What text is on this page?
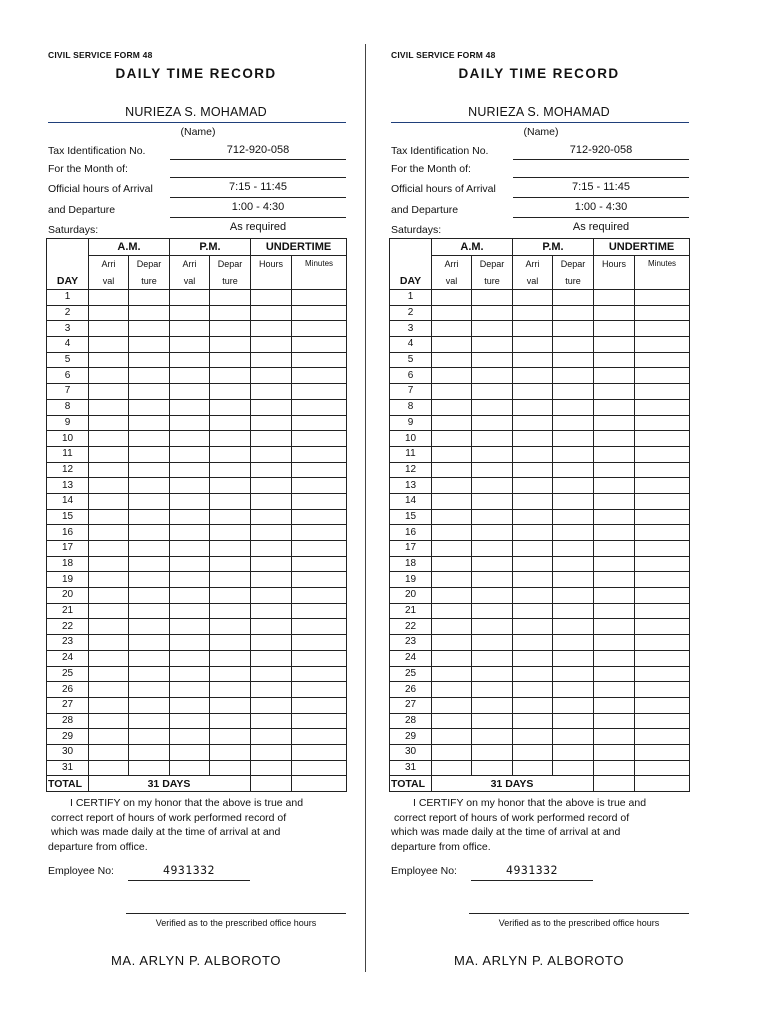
CIVIL SERVICE FORM 48
DAILY TIME RECORD
NURIEZA S. MOHAMAD
(Name)
Tax Identification No.	712-920-058
For the Month of:
Official hours of Arrival	7:15 - 11:45
and Departure	1:00 - 4:30
Saturdays:	As required
	A.M.		P.M.		UNDERTIME	
	Arri	Depar	Arri	Depar	Hours	Minutes
DAY	val	ture	val	ture		
1						
2						
3						
4						
5						
6						
7						
8						
9						
10						
11						
12						
13						
14						
15						
16						
17						
18						
19						
20						
21						
22						
23						
24						
25						
26						
27						
28						
29						
30						
31						
TOTAL		31 DAYS				
I CERTIFY on my honor that the above is true and
correct report of hours of work performed record of
which was made daily at the time of arrival at and
departure from office.
Employee No:	4931332
Verified as to the prescribed office hours
MA. ARLYN P. ALBOROTO
CIVIL SERVICE FORM 48
DAILY TIME RECORD
NURIEZA S. MOHAMAD
(Name)
Tax Identification No.	712-920-058
For the Month of:
Official hours of Arrival	7:15 - 11:45
and Departure	1:00 - 4:30
Saturdays:	As required
	A.M.		P.M.		UNDERTIME	
	Arri	Depar	Arri	Depar	Hours	Minutes
DAY	val	ture	val	ture		
1						
2						
3						
4						
5						
6						
7						
8						
9						
10						
11						
12						
13						
14						
15						
16						
17						
18						
19						
20						
21						
22						
23						
24						
25						
26						
27						
28						
29						
30						
31						
TOTAL		31 DAYS				
I CERTIFY on my honor that the above is true and
correct report of hours of work performed record of
which was made daily at the time of arrival at and
departure from office.
Employee No:	4931332
Verified as to the prescribed office hours
MA. ARLYN P. ALBOROTO
